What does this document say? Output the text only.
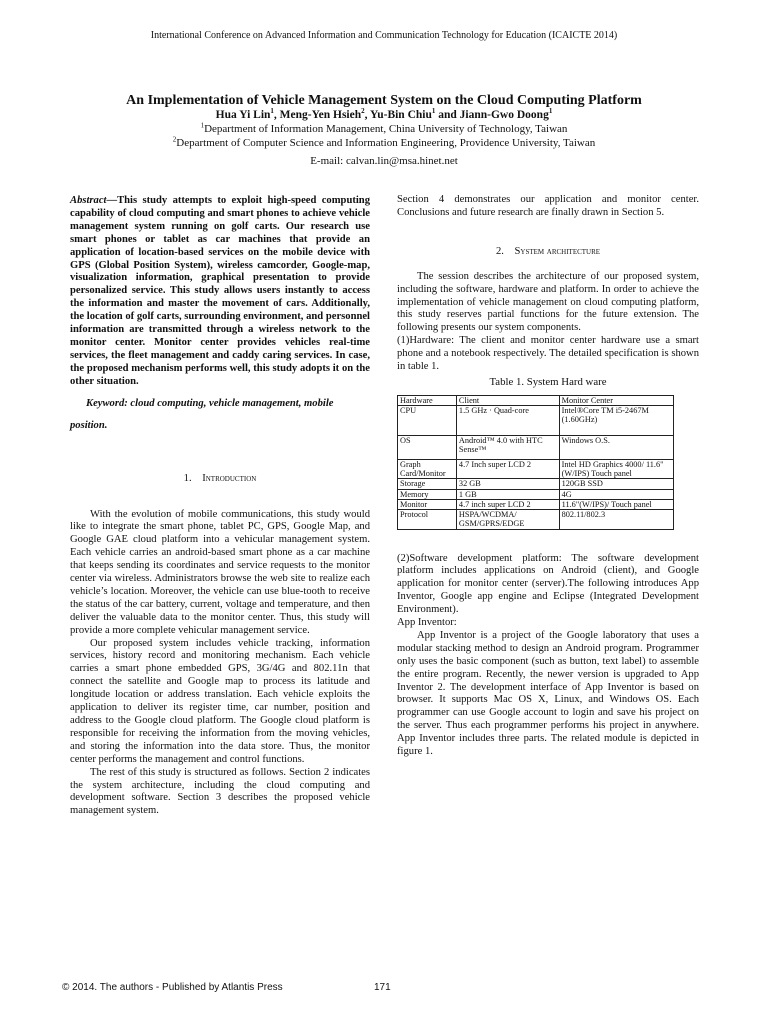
International Conference on Advanced Information and Communication Technology for Education (ICAICTE 2014)
An Implementation of Vehicle Management System on the Cloud Computing Platform
Hua Yi Lin$^1$, Meng-Yen Hsieh$^2$, Yu-Bin Chiu$^1$ and Jiann-Gwo Doong$^1$
$^1$Department of Information Management, China University of Technology, Taiwan
$^2$Department of Computer Science and Information Engineering, Providence University, Taiwan
E-mail: calvan.lin@msa.hinet.net

Abstract—This study attempts to exploit high-speed computing capability of cloud computing and smart phones to achieve vehicle management system running on golf carts. Our research use smart phones or tablet as car machines that provide an application of location-based services on the mobile device with GPS (Global Position System), wireless camcorder, Google-map, visualization information, graphical presentation to provide personalized service. This study allows users instantly to access the information and master the movement of cars. Additionally, the location of golf carts, surrounding environment, and personnel information are transmitted through a wireless network to the monitor center. Monitor center provides vehicles real-time services, the fleet management and caddy caring services. In case, the proposed mechanism performs well, this study adopts it on the other situation.

Keyword: cloud computing, vehicle management, mobile position.

1. Introduction

With the evolution of mobile communications, this study would like to integrate the smart phone, tablet PC, GPS, Google Map, and Google GAE cloud platform into a vehicular management system. Each vehicle carries an android-based smart phone as a car machine that keeps sending its coordinates and service requests to the monitor center via wireless. Administrators browse the web site to realize each vehicle’s location. Moreover, the vehicle can use blue-tooth to receive the status of the car battery, current, voltage and temperature, and then deliver the valuable data to the monitor center. Thus, this study will provide a more complete vehicular management service.

Our proposed system includes vehicle tracking, information services, history record and monitoring mechanism. Each vehicle carries a smart phone embedded GPS, 3G/4G and 802.11n that connect the satellite and Google map to process its latitude and longitude location or address translation. Each vehicle exploits the application to deliver its register time, car number, position and address to the Google cloud platform. The Google cloud platform is responsible for receiving the information from the moving vehicles, and storing the information into the data store. Thus, the monitor center performs the management and control functions.

The rest of this study is structured as follows. Section 2 indicates the system architecture, including the cloud computing and development software. Section 3 describes the proposed vehicle management system.

Section 4 demonstrates our application and monitor center. Conclusions and future research are finally drawn in Section 5.

2. System architecture

The session describes the architecture of our proposed system, including the software, hardware and platform. In order to achieve the implementation of vehicle management on cloud computing platform, this study reserves partial functions for the future extension. The following presents our system components.

(1)Hardware: The client and monitor center hardware use a smart phone and a notebook respectively. The detailed specification is shown in table 1.

Table 1. System Hard ware

Hardware	Client	Monitor Center
CPU	1.5 GHz · Quad-core	Intel®Core TM i5-2467M (1.60GHz)
OS	Android™ 4.0 with HTC Sense™	Windows O.S.
Graph Card/Monitor	4.7 Inch super LCD 2	Intel HD Graphics 4000/ 11.6"(W/IPS) Touch panel
Storage	32 GB	120GB SSD
Memory	1 GB	4G
Monitor	4.7 inch super LCD 2	11.6"(W/IPS)/ Touch panel
Protocol	HSPA/WCDMA/ GSM/GPRS/EDGE	802.11/802.3

(2)Software development platform: The software development platform includes applications on Android (client), and Google application for monitor center (server).The following introduces App Inventor, Google app engine and Eclipse (Integrated Development Environment).

App Inventor:

App Inventor is a project of the Google laboratory that uses a modular stacking method to design an Android program. Programmer only uses the basic component (such as button, text label) to assemble the entire program. Recently, the newer version is upgraded to App Inventor 2. The development interface of App Inventor is based on browser. It supports Mac OS X, Linux, and Windows OS. Each programmer can use Google account to login and save his project on the server. Thus each programmer performs his project in anywhere. App Inventor includes three parts. The related module is depicted in figure 1.

© 2014. The authors - Published by Atlantis Press	171
